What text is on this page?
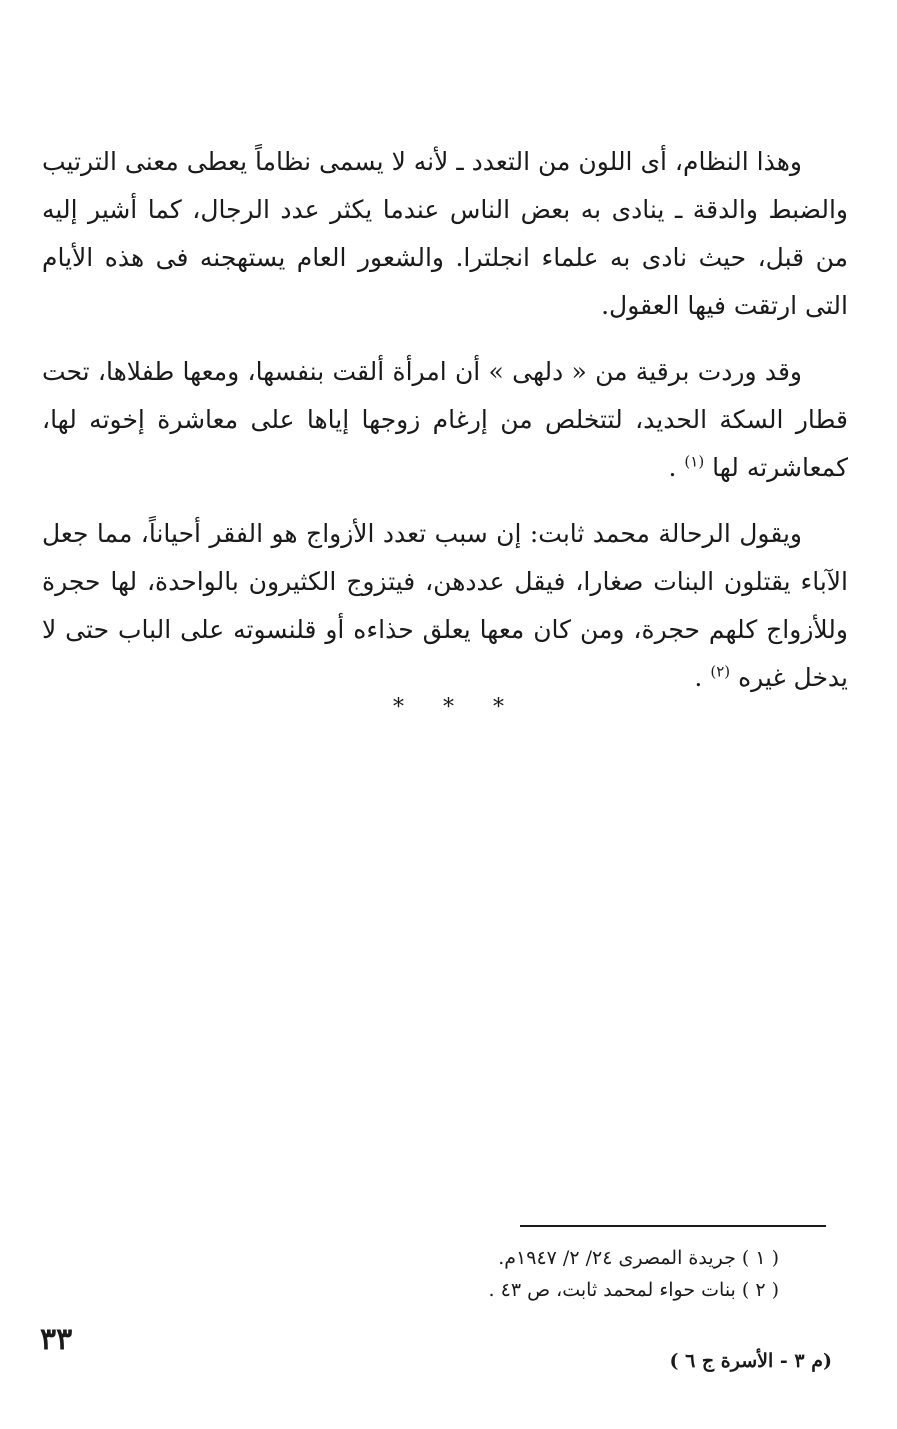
وهذا النظام، أى اللون من التعدد ـ لأنه لا يسمى نظاماً يعطى معنى الترتيب والضبط والدقة ـ ينادى به بعض الناس عندما يكثر عدد الرجال، كما أشير إليه من قبل، حيث نادى به علماء انجلترا. والشعور العام يستهجنه فى هذه الأيام التى ارتقت فيها العقول.

وقد وردت برقية من « دلهى » أن امرأة ألقت بنفسها، ومعها طفلاها، تحت قطار السكة الحديد، لتتخلص من إرغام زوجها إياها على معاشرة إخوته لها، كمعاشرته لها $^{(١)}$ .

ويقول الرحالة محمد ثابت: إن سبب تعدد الأزواج هو الفقر أحياناً، مما جعل الآباء يقتلون البنات صغارا، فيقل عددهن، فيتزوج الكثيرون بالواحدة، لها حجرة وللأزواج كلهم حجرة، ومن كان معها يعلق حذاءه أو قلنسوته على الباب حتى لا يدخل غيره $^{(٢)}$ .

* * *

( ١ ) جريدة المصرى ٢٤/ ٢/ ١٩٤٧م.

( ٢ ) بنات حواء لمحمد ثابت، ص ٤٣ .

٣٣
(م ٣ - الأسرة ج ٦ )
